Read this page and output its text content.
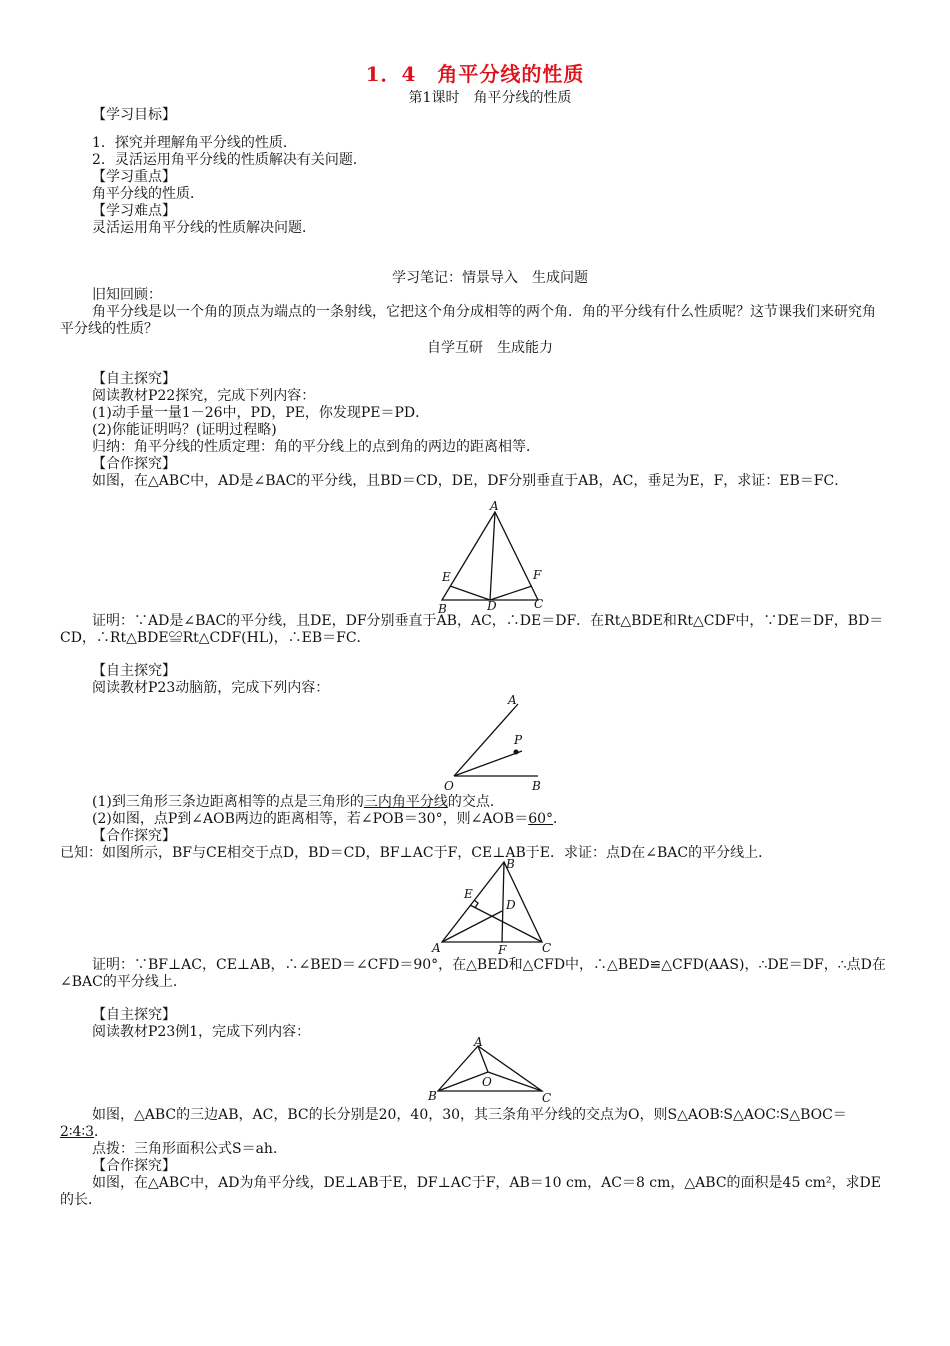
1．4　角平分线的性质
第1课时　角平分线的性质
【学习目标】
1．探究并理解角平分线的性质．
2．灵活运用角平分线的性质解决有关问题．
【学习重点】
角平分线的性质．
【学习难点】
灵活运用角平分线的性质解决问题．
学习笔记：情景导入　生成问题
旧知回顾：
角平分线是以一个角的顶点为端点的一条射线，它把这个角分成相等的两个角．角的平分线有什么性质呢？这节课我们来研究角平分线的性质？
自学互研　生成能力
【自主探究】
阅读教材P22探究，完成下列内容：
(1)动手量一量1－26中，PD，PE，你发现PE＝PD．
(2)你能证明吗？(证明过程略)
归纳：角平分线的性质定理：角的平分线上的点到角的两边的距离相等．
【合作探究】
如图，在△ABC中，AD是∠BAC的平分线，且BD＝CD，DE，DF分别垂直于AB，AC，垂足为E，F，求证：EB＝FC．
A
E	F
B	D	C
证明：∵AD是∠BAC的平分线，且DE，DF分别垂直于AB，AC，∴DE＝DF．在Rt△BDE和Rt△CDF中，∵DE＝DF，BD＝CD，∴Rt△BDE≌Rt△CDF(HL)，∴EB＝FC．
【自主探究】
阅读教材P23动脑筋，完成下列内容：
A
P
O	B
(1)到三角形三条边距离相等的点是三角形的三内角平分线的交点．
(2)如图，点P到∠AOB两边的距离相等，若∠POB＝30°，则∠AOB＝60°．
【合作探究】
已知：如图所示，BF与CE相交于点D，BD＝CD，BF⊥AC于F，CE⊥AB于E．求证：点D在∠BAC的平分线上．
B
E
D
A	F	C
证明：∵BF⊥AC，CE⊥AB，∴∠BED＝∠CFD＝90°，在△BED和△CFD中，∴△BED≌△CFD(AAS)，∴DE＝DF，∴点D在∠BAC的平分线上．
【自主探究】
阅读教材P23例1，完成下列内容：
A
O
B	C
如图，△ABC的三边AB，AC，BC的长分别是20，40，30，其三条角平分线的交点为O，则S△AOB∶S△AOC∶S△BOC＝2∶4∶3．
点拨：三角形面积公式S＝ah．
【合作探究】
如图，在△ABC中，AD为角平分线，DE⊥AB于E，DF⊥AC于F，AB＝10 cm，AC＝8 cm，△ABC的面积是45 cm²，求DE的长．
